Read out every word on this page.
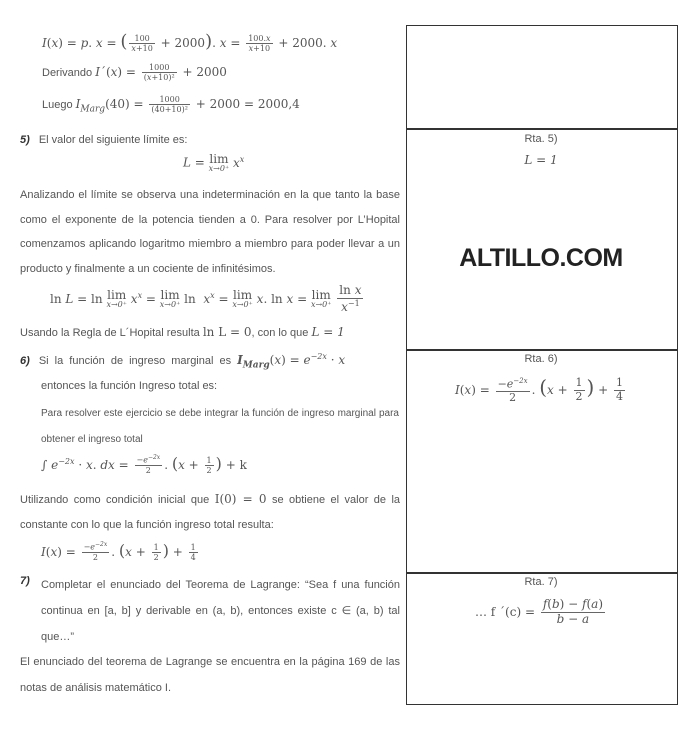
I(x) = p. x = ( $\frac{100}{x+10} + 2000$). $x = \frac{100.x}{x+10} + 2000$. x
Derivando I´(x) = $\frac{1000}{\text{(x+10)²}} + 2000$
Luego $I_{Marg}(40) = \frac{1000}{\text{(40+10)²}} + 2000 = 2000,4$
5) El valor del siguiente límite es:
L = lim
x→0⁺ $x^x$
Analizando el límite se observa una indeterminación en la que tanto la base como el exponente de la potencia tienden a 0. Para resolver por L’Hopital comenzamos aplicando logaritmo miembro a miembro para poder llevar a un producto y finalmente a un cociente de infinitésimos.
ln L = ln lim
x→0⁺ $x^x = \lim$
x→0⁺ $\ln x^x = \lim$
x→0⁺ x. ln x = lim
x→0⁺
$\frac{\text{ln x}}{x^{-1}}$
Usando la Regla de L´Hopital resulta ln L = 0, con lo que L = 1
6) Si la función de ingreso marginal es $I_{Marg}(x) = e^{-2x} \cdot x$
entonces la función Ingreso total es:
Para resolver este ejercicio se debe integrar la función de ingreso marginal para obtener el ingreso total
∫ $e^{-2x} \cdot x$. dx = $\frac{-e^{-2x}}{2}$ . ($x + \frac{1}{2}$ ) + k
Utilizando como condición inicial que I(0) = 0 se obtiene el valor de la constante con lo que la función ingreso total resulta:
$I(x) = \frac{-e^{-2x}}{2}$ . ($x + \frac{1}{2}$ ) + $\frac{1}{4}$
7) Completar el enunciado del Teorema de Lagrange: “Sea f una función continua en [a, b] y derivable en (a, b), entonces existe c ∈ (a, b) tal que…”
El enunciado del teorema de Lagrange se encuentra en la página 169 de las notas de análisis matemático I.
Rta. 5)
L = 1
ALTILLO.COM
Rta. 6)
$I(x) = \frac{-e^{-2x}}{2}$ . ($x + \frac{1}{2}$ ) + $\frac{1}{4}$
Rta. 7)
… f ´(c) = $\frac{f(b) - f(a)}{b - a}$
